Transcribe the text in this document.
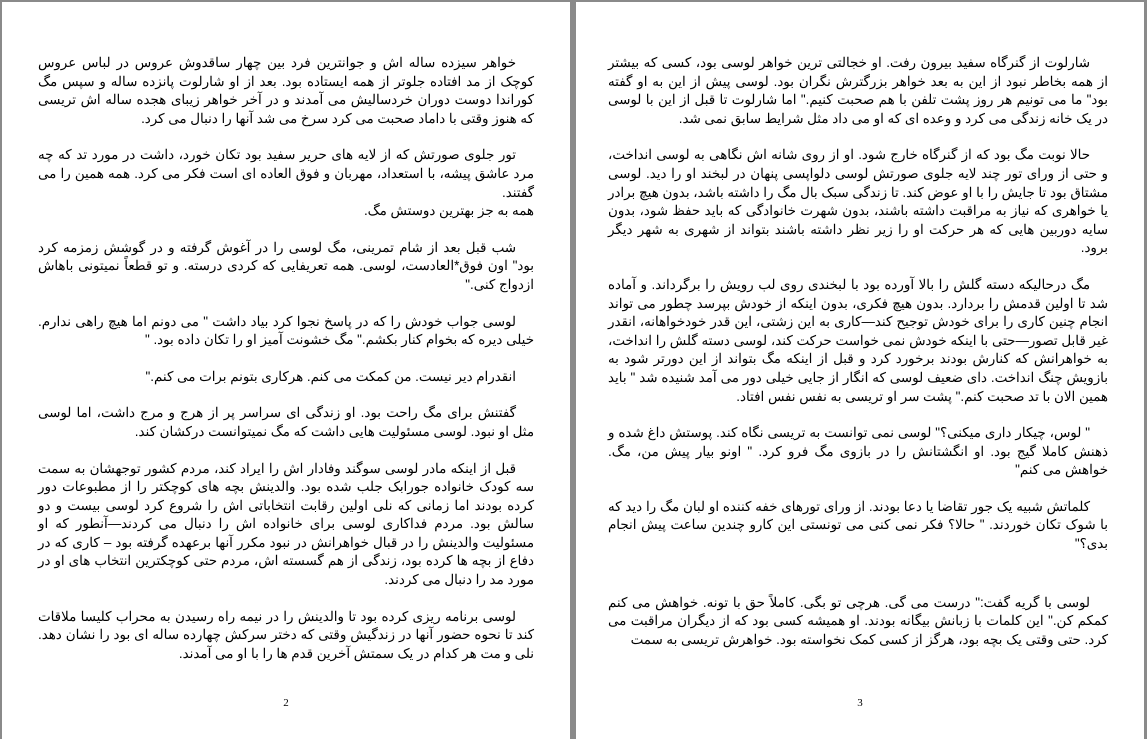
خواهر سیزده ساله اش و جوانترین فرد بین چهار ساقدوش عروس در لباس عروس کوچک از مد افتاده جلوتر از همه ایستاده بود. بعد از او شارلوت پانزده ساله و سپس مگ کوراندا دوست دوران خردسالیش می آمدند و در آخر خواهر زیبای هجده ساله اش تریسی که هنوز وقتی با داماد صحبت می کرد سرخ می شد آنها را دنبال می کرد.

تور جلوی صورتش که از لایه های حریر سفید بود تکان خورد، داشت در مورد تد که چه مرد عاشق پیشه، با استعداد، مهربان و فوق العاده ای است فکر می کرد. همه همین را می گفتند.
همه به جز بهترین دوستش مگ.

شب قبل بعد از شام تمرینی، مگ لوسی را در آغوش گرفته و در گوشش زمزمه کرد بود" اون فوق*العادست، لوسی. همه تعریفایی که کردی درسته. و تو قطعاً نمیتونی باهاش ازدواج کنی."

لوسی جواب خودش را که در پاسخ نجوا کرد بیاد داشت " می دونم اما هیچ راهی ندارم. خیلی دیره که بخوام کنار بکشم." مگ خشونت آمیز او را تکان داده بود. "

انقدرام دیر نیست. من کمکت می کنم. هرکاری بتونم برات می کنم."

گفتنش برای مگ راحت بود. او زندگی ای سراسر پر از هرج و مرج داشت، اما لوسی مثل او نبود. لوسی مسئولیت هایی داشت که مگ نمیتوانست درکشان کند.

قبل از اینکه مادر لوسی سوگند وفادار اش را ایراد کند، مردم کشور توجهشان به سمت سه کودک خانواده جورابک جلب شده بود. والدینش بچه های کوچکتر را از مطبوعات دور کرده بودند اما زمانی که نلی اولین رقابت انتخاباتی اش را شروع کرد لوسی بیست و دو سالش بود. مردم فداکاری لوسی برای خانواده اش را دنبال می کردند—آنطور که او مسئولیت والدینش را در قبال خواهرانش در نبود مکرر آنها برعهده گرفته بود – کاری که در دفاع از بچه ها کرده بود، زندگی از هم گسسته اش، مردم حتی کوچکترین انتخاب های او در مورد مد را دنبال می کردند.

لوسی برنامه ریزی کرده بود تا والدینش را در نیمه راه رسیدن به محراب کلیسا ملاقات کند تا نحوه حضور آنها در زندگیش وقتی که دختر سرکش چهارده ساله ای بود را نشان دهد. نلی و مت هر کدام در یک سمتش آخرین قدم ها را با او می آمدند.

2

شارلوت از گنرگاه سفید بیرون رفت. او خجالتی ترین خواهر لوسی بود، کسی که بیشتر از همه بخاطر نبود از این به بعد خواهر بزرگترش نگران بود. لوسی پیش از این به او گفته بود" ما می تونیم هر روز پشت تلفن با هم صحبت کنیم." اما شارلوت تا قبل از این با لوسی در یک خانه زندگی می کرد و وعده ای که او می داد مثل شرایط سابق نمی شد.

حالا نوبت مگ بود که از گنرگاه خارج شود. او از روی شانه اش نگاهی به لوسی انداخت، و حتی از ورای تور چند لایه جلوی صورتش لوسی دلواپسی پنهان در لبخند او را دید. لوسی مشتاق بود تا جایش را با او عوض کند. تا زندگی سبک بال مگ را داشته باشد، بدون هیچ برادر یا خواهری که نیاز به مراقبت داشته باشند، بدون شهرت خانوادگی که باید حفظ شود، بدون سایه دوربین هایی که هر حرکت او را زیر نظر داشته باشند بتواند از شهری به شهر دیگر برود.

مگ درحالیکه دسته گلش را بالا آورده بود با لبخندی روی لب رویش را برگرداند. و آماده شد تا اولین قدمش را بردارد. بدون هیچ فکری، بدون اینکه از خودش بپرسد چطور می تواند انجام چنین کاری را برای خودش توجیح کند—کاری به این زشتی، این قدر خودخواهانه، انقدر غیر قابل تصور—حتی با اینکه خودش نمی خواست حرکت کند، لوسی دسته گلش را انداخت، به خواهرانش که کنارش بودند برخورد کرد و قبل از اینکه مگ بتواند از این دورتر شود به بازویش چنگ انداخت. دای ضعیف لوسی که انگار از جایی خیلی دور می آمد شنیده شد " باید همین الان با تد صحبت کنم." پشت سر او تریسی به نفس نفس افتاد.

" لوس، چیکار داری میکنی؟" لوسی نمی توانست به تریسی نگاه کند. پوستش داغ شده و ذهنش کاملا گیج بود. او انگشتانش را در بازوی مگ فرو کرد. " اونو بیار پیش من، مگ. خواهش می کنم"

کلماتش شبیه یک جور تقاضا یا دعا بودند. از ورای تورهای خفه کننده او لبان مگ را دید که با شوک تکان خوردند. " حالا؟ فکر نمی کنی می تونستی این کارو چندین ساعت پیش انجام بدی؟"

لوسی با گریه گفت:" درست می گی. هرچی تو بگی. کاملاً حق با تونه. خواهش می کنم کمکم کن." این کلمات با زبانش بیگانه بودند. او همیشه کسی بود که از دیگران مراقبت می کرد. حتی وقتی یک بچه بود، هرگز از کسی کمک نخواسته بود. خواهرش تریسی به سمت

3
